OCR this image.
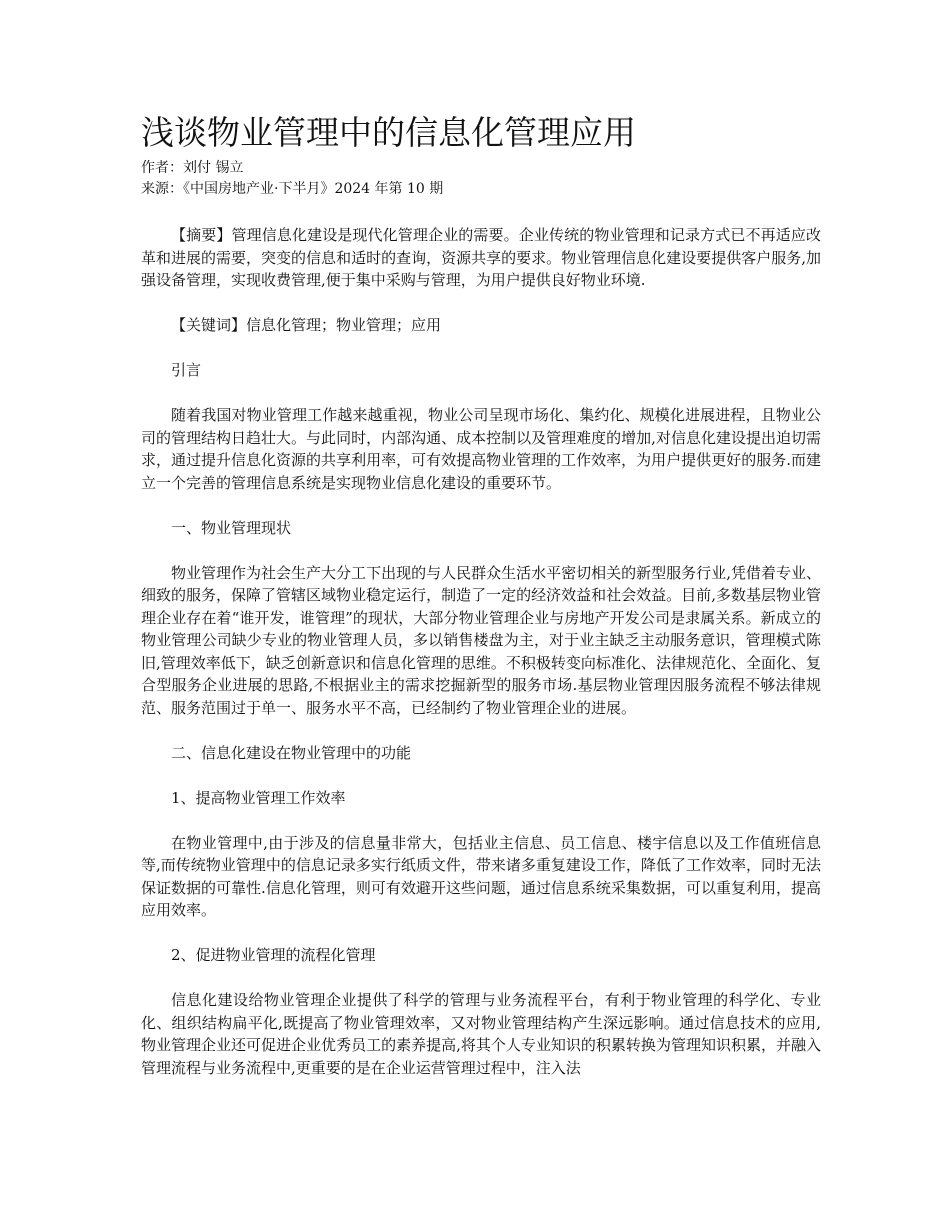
浅谈物业管理中的信息化管理应用

作者：刘付 锡立

来源：《中国房地产业·下半月》2024 年第 10 期

【摘要】管理信息化建设是现代化管理企业的需要。企业传统的物业管理和记录方式已不再适应改革和进展的需要，突变的信息和适时的查询，资源共享的要求。物业管理信息化建设要提供客户服务,加强设备管理，实现收费管理,便于集中采购与管理，为用户提供良好物业环境.

【关键词】信息化管理；物业管理；应用

引言

随着我国对物业管理工作越来越重视，物业公司呈现市场化、集约化、规模化进展进程，且物业公司的管理结构日趋壮大。与此同时，内部沟通、成本控制以及管理难度的增加,对信息化建设提出迫切需求，通过提升信息化资源的共享利用率，可有效提高物业管理的工作效率，为用户提供更好的服务.而建立一个完善的管理信息系统是实现物业信息化建设的重要环节。

一、物业管理现状

物业管理作为社会生产大分工下出现的与人民群众生活水平密切相关的新型服务行业,凭借着专业、细致的服务，保障了管辖区域物业稳定运行，制造了一定的经济效益和社会效益。目前,多数基层物业管理企业存在着“谁开发，谁管理”的现状，大部分物业管理企业与房地产开发公司是隶属关系。新成立的物业管理公司缺少专业的物业管理人员，多以销售楼盘为主，对于业主缺乏主动服务意识，管理模式陈旧,管理效率低下，缺乏创新意识和信息化管理的思维。不积极转变向标准化、法律规范化、全面化、复合型服务企业进展的思路,不根据业主的需求挖掘新型的服务市场.基层物业管理因服务流程不够法律规范、服务范围过于单一、服务水平不高，已经制约了物业管理企业的进展。

二、信息化建设在物业管理中的功能

1、提高物业管理工作效率

在物业管理中,由于涉及的信息量非常大，包括业主信息、员工信息、楼宇信息以及工作值班信息等,而传统物业管理中的信息记录多实行纸质文件，带来诸多重复建设工作，降低了工作效率，同时无法保证数据的可靠性.信息化管理，则可有效避开这些问题，通过信息系统采集数据，可以重复利用，提高应用效率。

2、促进物业管理的流程化管理

信息化建设给物业管理企业提供了科学的管理与业务流程平台，有利于物业管理的科学化、专业化、组织结构扁平化,既提高了物业管理效率，又对物业管理结构产生深远影响。通过信息技术的应用,物业管理企业还可促进企业优秀员工的素养提高,将其个人专业知识的积累转换为管理知识积累，并融入管理流程与业务流程中,更重要的是在企业运营管理过程中，注入法
